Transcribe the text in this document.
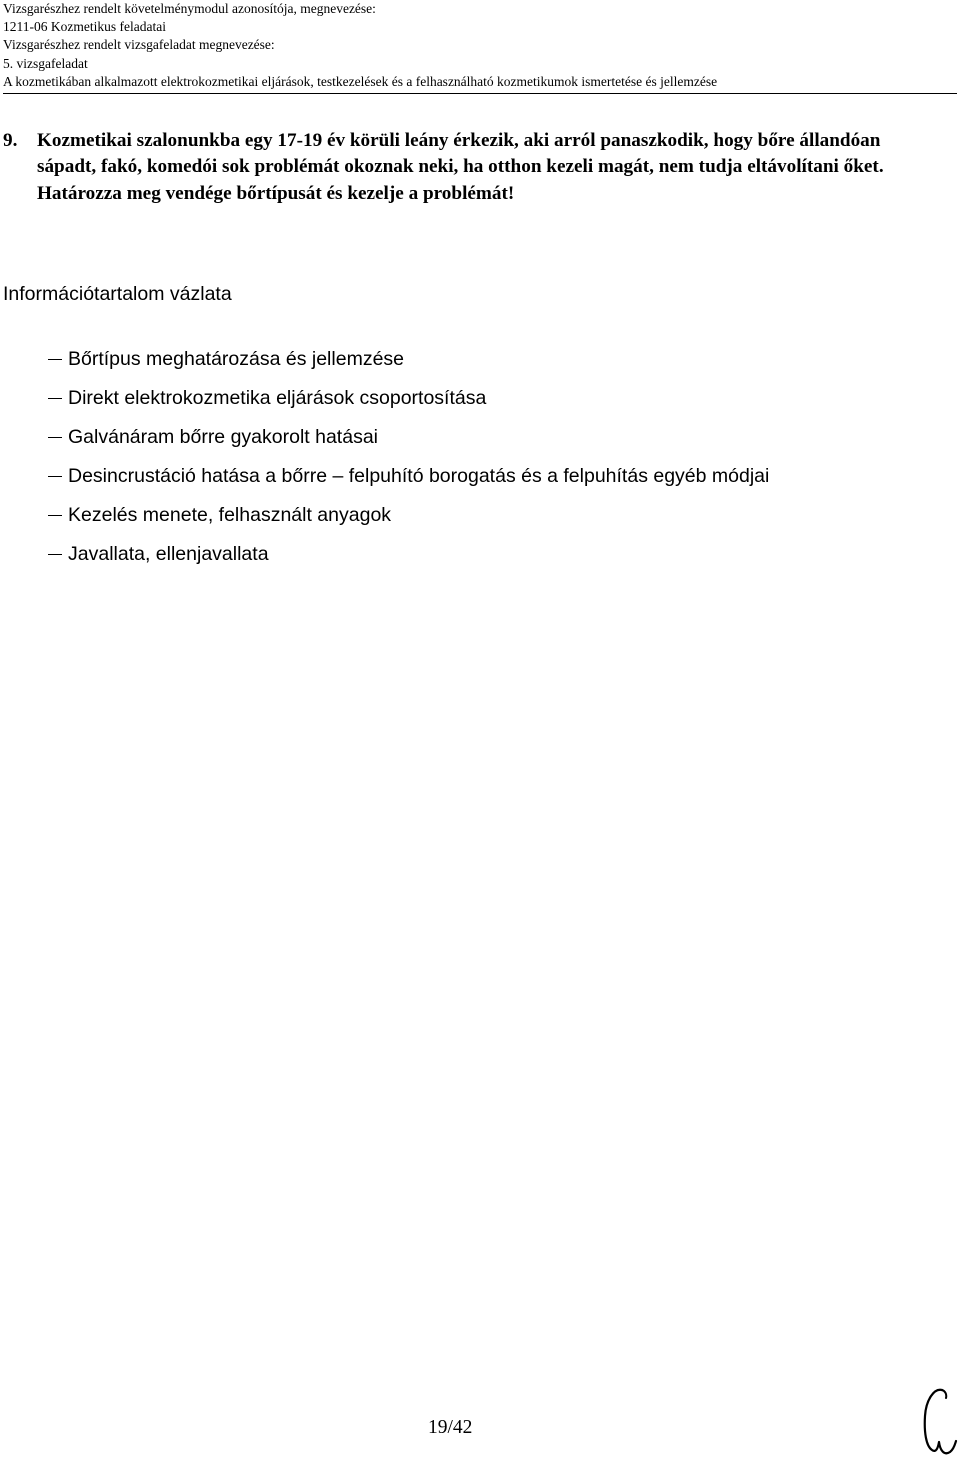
Vizsgarészhez rendelt követelménymodul azonosítója, megnevezése:
1211-06 Kozmetikus feladatai
Vizsgarészhez rendelt vizsgafeladat megnevezése:
5. vizsgafeladat
A kozmetikában alkalmazott elektrokozmetikai eljárások, testkezelések és a felhasználható kozmetikumok ismertetése és jellemzése
9. Kozmetikai szalonunkba egy 17-19 év körüli leány érkezik, aki arról panaszkodik, hogy bőre állandóan sápadt, fakó, komedói sok problémát okoznak neki, ha otthon kezeli magát, nem tudja eltávolítani őket. Határozza meg vendége bőrtípusát és kezelje a problémát!
Információtartalom vázlata
Bőrtípus meghatározása és jellemzése
Direkt elektrokozmetika eljárások csoportosítása
Galvánáram bőrre gyakorolt hatásai
Desincrustáció hatása a bőrre – felpuhító borogatás és a felpuhítás egyéb módjai
Kezelés menete, felhasznált anyagok
Javallata, ellenjavallata
19/42
